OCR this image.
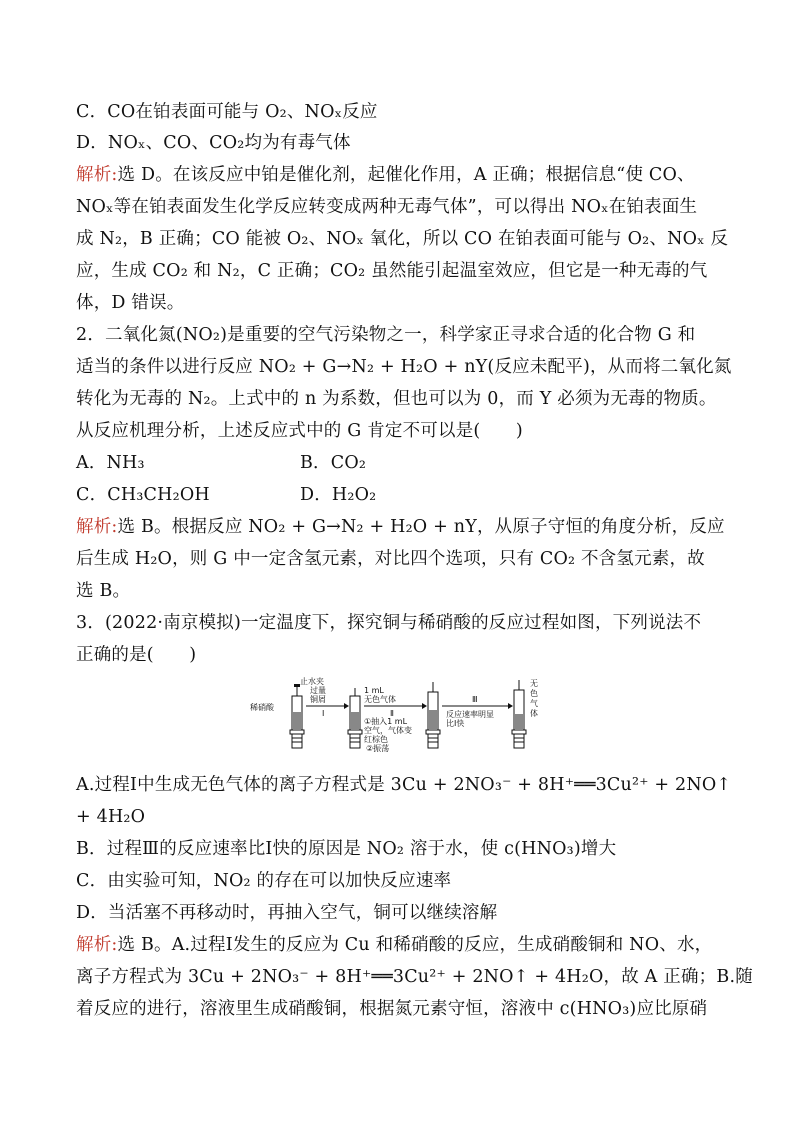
C．CO在铂表面可能与 O₂、NOₓ反应
D．NOₓ、CO、CO₂均为有毒气体
解析:选 D。在该反应中铂是催化剂，起催化作用，A 正确；根据信息“使 CO、
NOₓ等在铂表面发生化学反应转变成两种无毒气体”，可以得出 NOₓ在铂表面生
成 N₂，B 正确；CO 能被 O₂、NOₓ 氧化，所以 CO 在铂表面可能与 O₂、NOₓ 反
应，生成 CO₂ 和 N₂，C 正确；CO₂ 虽然能引起温室效应，但它是一种无毒的气
体，D 错误。
2．二氧化氮(NO₂)是重要的空气污染物之一，科学家正寻求合适的化合物 G 和
适当的条件以进行反应 NO₂ + G→N₂ + H₂O + nY(反应未配平)，从而将二氧化氮
转化为无毒的 N₂。上式中的 n 为系数，但也可以为 0，而 Y 必须为无毒的物质。
从反应机理分析，上述反应式中的 G 肯定不可以是(　　)
A．NH₃	B．CO₂
C．CH₃CH₂OH	D．H₂O₂
解析:选 B。根据反应 NO₂ + G→N₂ + H₂O + nY，从原子守恒的角度分析，反应
后生成 H₂O，则 G 中一定含氢元素，对比四个选项，只有 CO₂ 不含氢元素，故
选 B。
3．(2022·南京模拟)一定温度下，探究铜与稀硝酸的反应过程如图，下列说法不
正确的是(　　)
A.过程Ⅰ中生成无色气体的离子方程式是 3Cu + 2NO₃⁻ + 8H⁺══3Cu²⁺ + 2NO↑
+ 4H₂O
B．过程Ⅲ的反应速率比Ⅰ快的原因是 NO₂ 溶于水，使 c(HNO₃)增大
C．由实验可知，NO₂ 的存在可以加快反应速率
D．当活塞不再移动时，再抽入空气，铜可以继续溶解
解析:选 B。A.过程Ⅰ发生的反应为 Cu 和稀硝酸的反应，生成硝酸铜和 NO、水，
离子方程式为 3Cu + 2NO₃⁻ + 8H⁺══3Cu²⁺ + 2NO↑ + 4H₂O，故 A 正确；B.随
着反应的进行，溶液里生成硝酸铜，根据氮元素守恒，溶液中 c(HNO₃)应比原硝
稀硝酸
止水夹
过量
铜屑
Ⅰ
1 mL
无色气体
Ⅱ
①抽入1 mL
空气，气体变
红棕色
②振荡
Ⅲ
反应速率明显
比Ⅰ快
无
色
气
体
